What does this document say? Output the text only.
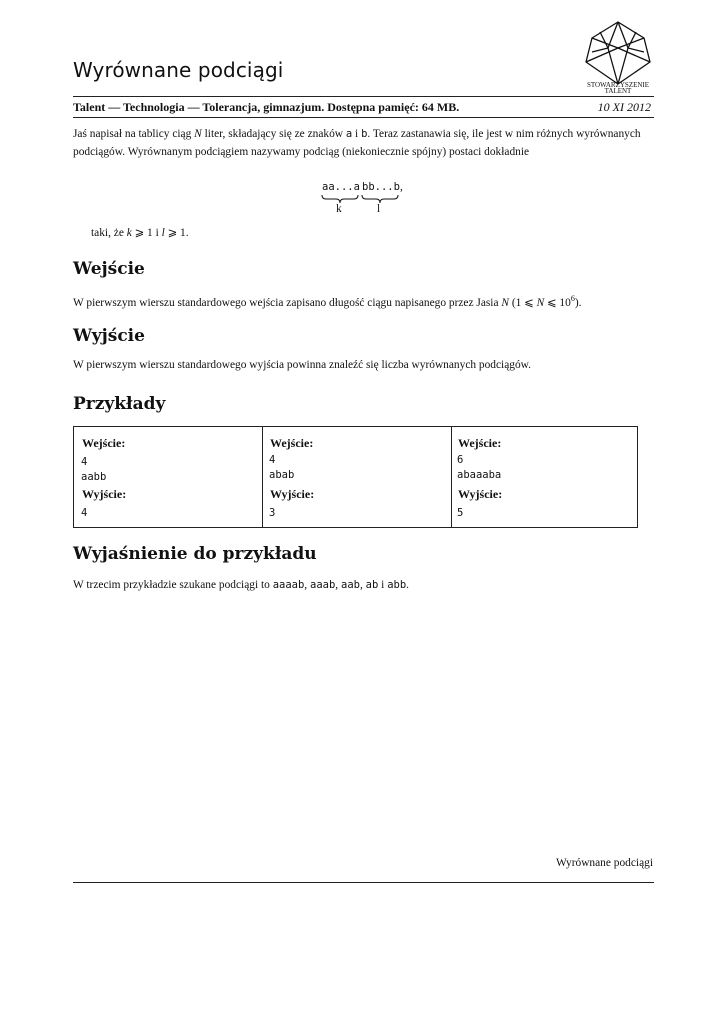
Wyrównane podciągi
STOWARZYSZENIE
TALENT
Talent — Technologia — Tolerancja, gimnazjum. Dostępna pamięć: 64 MB.	10 XI 2012
Jaś napisał na tablicy ciąg N liter, składający się ze znaków a i b. Teraz zastanawia się, ile jest w nim różnych wyrównanych podciągów. Wyrównanym podciągiem nazywamy podciąg (niekoniecznie spójny) postaci dokładnie
aa...a bb...b ,
k	l
taki, że k ⩾ 1 i l ⩾ 1.
Wejście
W pierwszym wierszu standardowego wejścia zapisano długość ciągu napisanego przez Jasia N (1 ⩽ N ⩽ $10^6$).
Wyjście
W pierwszym wierszu standardowego wyjścia powinna znaleźć się liczba wyrównanych podciągów.
Przykłady
Wejście:
4
aabb
Wyjście:
4
Wejście:
4
abab
Wyjście:
3
Wejście:
6
abaaaba
Wyjście:
5
Wyjaśnienie do przykładu
W trzecim przykładzie szukane podciągi to aaaab, aaab, aab, ab i abb.
Wyrównane podciągi
